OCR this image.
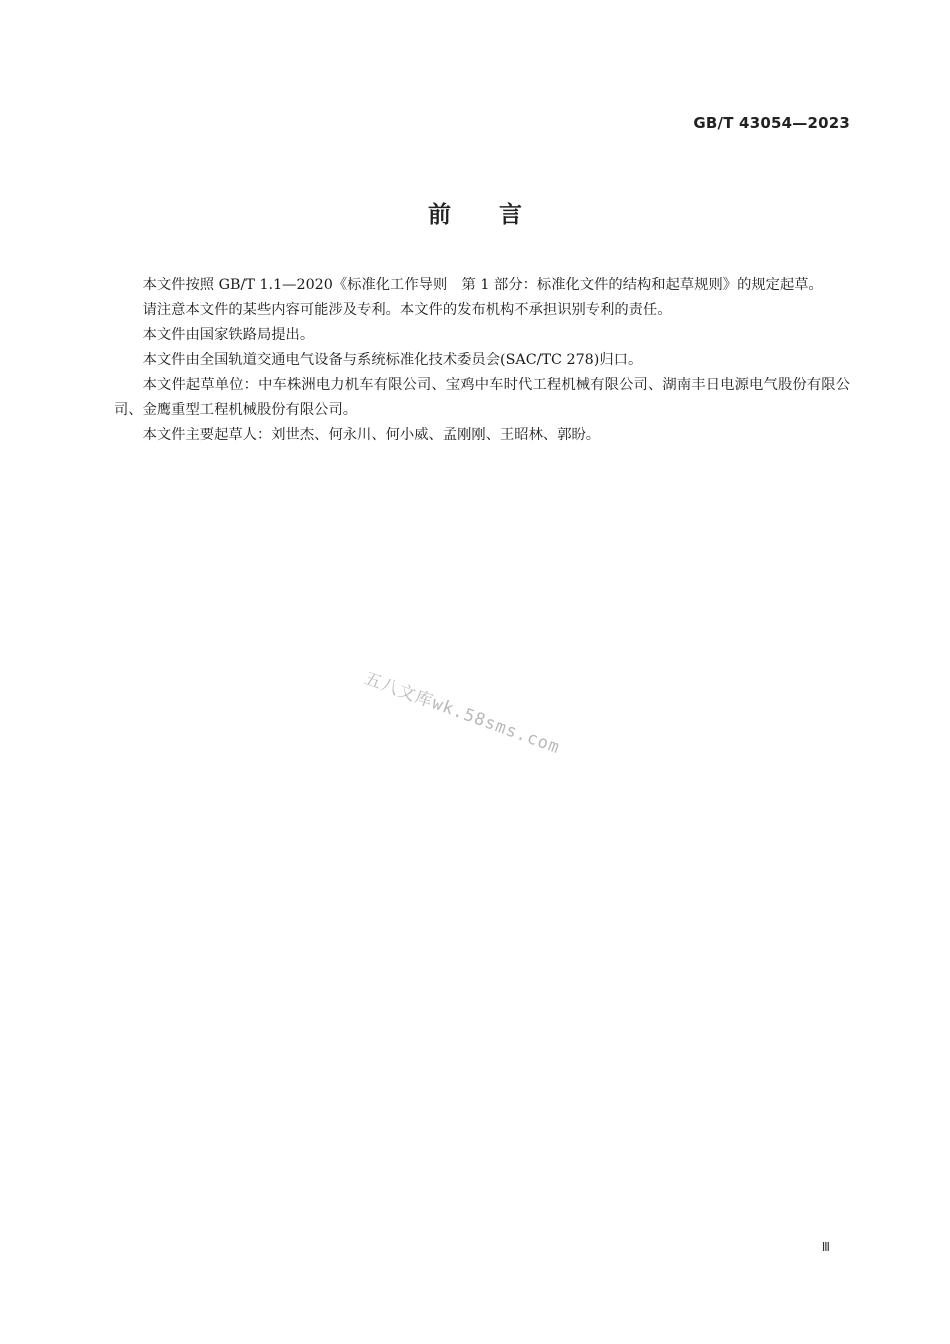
GB/T 43054—2023
前言

本文件按照 GB/T 1.1—2020《标准化工作导则　第 1 部分：标准化文件的结构和起草规则》的规定起草。

请注意本文件的某些内容可能涉及专利。本文件的发布机构不承担识别专利的责任。

本文件由国家铁路局提出。

本文件由全国轨道交通电气设备与系统标准化技术委员会(SAC/TC 278)归口。

本文件起草单位：中车株洲电力机车有限公司、宝鸡中车时代工程机械有限公司、湖南丰日电源电气股份有限公司、金鹰重型工程机械股份有限公司。

本文件主要起草人：刘世杰、何永川、何小威、孟刚刚、王昭林、郭盼。

五八文库wk.58sms.com
Ⅲ
